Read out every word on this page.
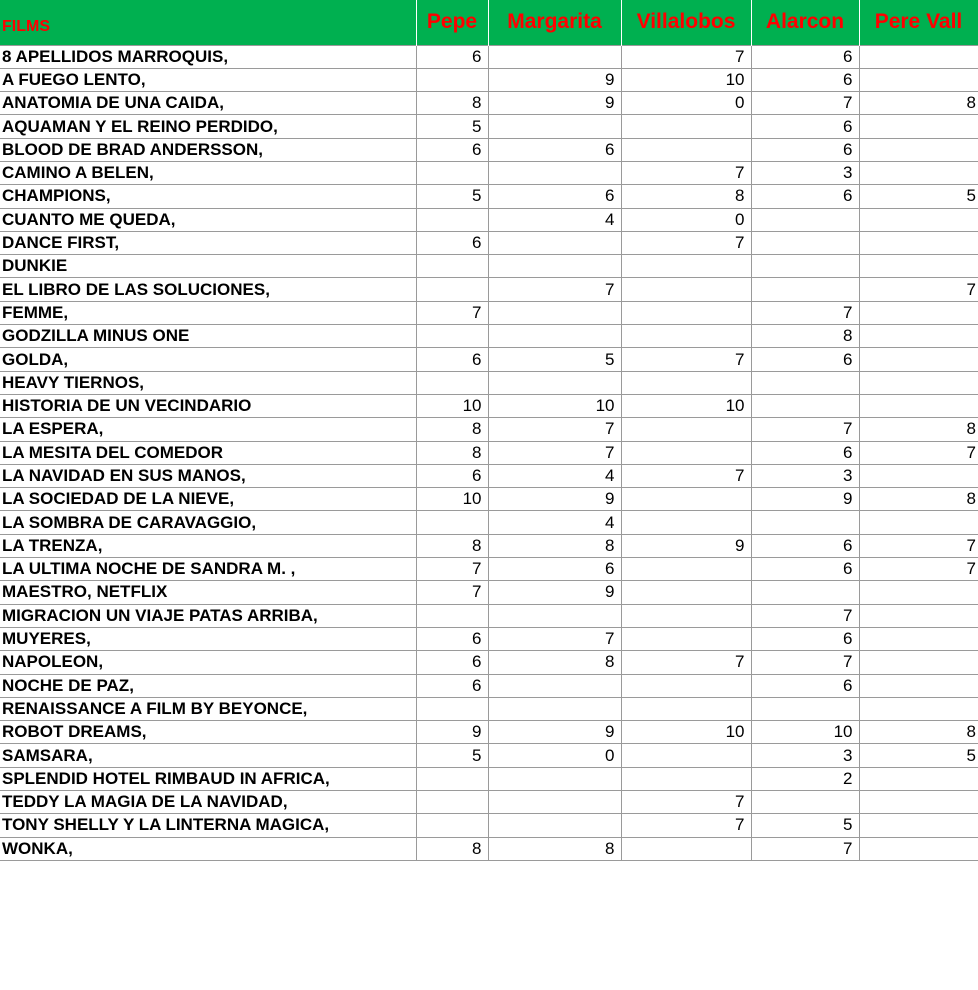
FILMS	Pepe	Margarita	Villalobos	Alarcon	Pere Vall
8 APELLIDOS MARROQUIS,	6		7	6	
A FUEGO LENTO,		9	10	6	
ANATOMIA DE UNA CAIDA,	8	9	0	7	8
AQUAMAN Y EL REINO PERDIDO,	5			6	
BLOOD DE BRAD ANDERSSON,	6	6		6	
CAMINO A BELEN,			7	3	
CHAMPIONS,	5	6	8	6	5
CUANTO ME QUEDA,		4	0		
DANCE FIRST,	6		7		
DUNKIE					
EL LIBRO DE LAS SOLUCIONES,		7			7
FEMME,	7			7	
GODZILLA MINUS ONE				8	
GOLDA,	6	5	7	6	
HEAVY TIERNOS,					
HISTORIA DE UN VECINDARIO	10	10	10		
LA ESPERA,	8	7		7	8
LA MESITA DEL COMEDOR	8	7		6	7
LA NAVIDAD EN SUS MANOS,	6	4	7	3	
LA SOCIEDAD DE LA NIEVE,	10	9		9	8
LA SOMBRA DE CARAVAGGIO,		4			
LA TRENZA,	8	8	9	6	7
LA ULTIMA NOCHE DE SANDRA M. ,	7	6		6	7
MAESTRO, NETFLIX	7	9			
MIGRACION UN VIAJE PATAS ARRIBA,				7	
MUYERES,	6	7		6	
NAPOLEON,	6	8	7	7	
NOCHE DE PAZ,	6			6	
RENAISSANCE A FILM BY BEYONCE,					
ROBOT DREAMS,	9	9	10	10	8
SAMSARA,	5	0		3	5
SPLENDID HOTEL RIMBAUD IN AFRICA,				2	
TEDDY LA MAGIA DE LA NAVIDAD,			7		
TONY SHELLY Y LA LINTERNA MAGICA,			7	5	
WONKA,	8	8		7	
